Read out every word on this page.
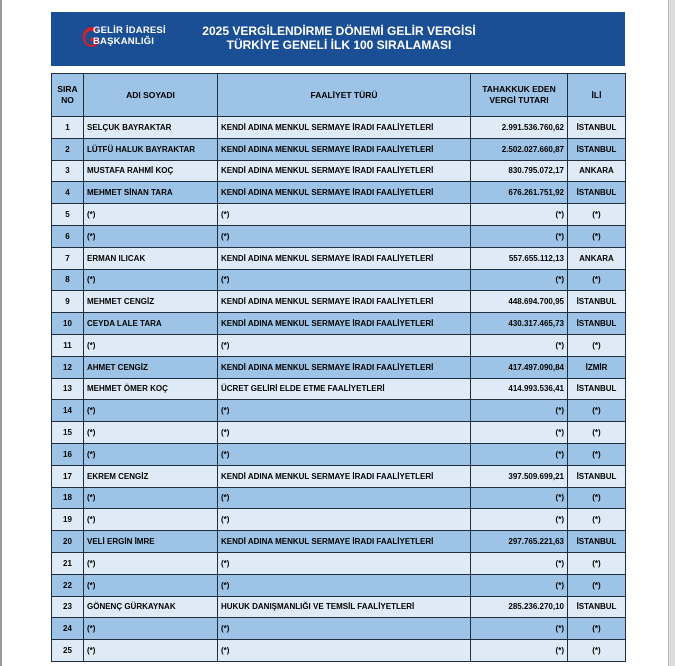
GELİR İDARESİ
BAŞKANLIĞI
2025 VERGİLENDİRME DÖNEMİ GELİR VERGİSİ
TÜRKİYE GENELİ İLK 100 SIRALAMASI
SIRA
NO	ADI SOYADI	FAALİYET TÜRÜ	TAHAKKUK EDEN
VERGİ TUTARI	İLİ
1	SELÇUK BAYRAKTAR	KENDİ ADINA MENKUL SERMAYE İRADI FAALİYETLERİ	2.991.536.760,62	İSTANBUL
2	LÜTFÜ HALUK BAYRAKTAR	KENDİ ADINA MENKUL SERMAYE İRADI FAALİYETLERİ	2.502.027.660,87	İSTANBUL
3	MUSTAFA RAHMİ KOÇ	KENDİ ADINA MENKUL SERMAYE İRADI FAALİYETLERİ	830.795.072,17	ANKARA
4	MEHMET SİNAN TARA	KENDİ ADINA MENKUL SERMAYE İRADI FAALİYETLERİ	676.261.751,92	İSTANBUL
5	(*)	(*)	(*)	(*)
6	(*)	(*)	(*)	(*)
7	ERMAN ILICAK	KENDİ ADINA MENKUL SERMAYE İRADI FAALİYETLERİ	557.655.112,13	ANKARA
8	(*)	(*)	(*)	(*)
9	MEHMET CENGİZ	KENDİ ADINA MENKUL SERMAYE İRADI FAALİYETLERİ	448.694.700,95	İSTANBUL
10	CEYDA LALE TARA	KENDİ ADINA MENKUL SERMAYE İRADI FAALİYETLERİ	430.317.465,73	İSTANBUL
11	(*)	(*)	(*)	(*)
12	AHMET CENGİZ	KENDİ ADINA MENKUL SERMAYE İRADI FAALİYETLERİ	417.497.090,84	İZMİR
13	MEHMET ÖMER KOÇ	ÜCRET GELİRİ ELDE ETME FAALİYETLERİ	414.993.536,41	İSTANBUL
14	(*)	(*)	(*)	(*)
15	(*)	(*)	(*)	(*)
16	(*)	(*)	(*)	(*)
17	EKREM CENGİZ	KENDİ ADINA MENKUL SERMAYE İRADI FAALİYETLERİ	397.509.699,21	İSTANBUL
18	(*)	(*)	(*)	(*)
19	(*)	(*)	(*)	(*)
20	VELİ ERGİN İMRE	KENDİ ADINA MENKUL SERMAYE İRADI FAALİYETLERİ	297.765.221,63	İSTANBUL
21	(*)	(*)	(*)	(*)
22	(*)	(*)	(*)	(*)
23	GÖNENÇ GÜRKAYNAK	HUKUK DANIŞMANLIĞI VE TEMSİL FAALİYETLERİ	285.236.270,10	İSTANBUL
24	(*)	(*)	(*)	(*)
25	(*)	(*)	(*)	(*)
